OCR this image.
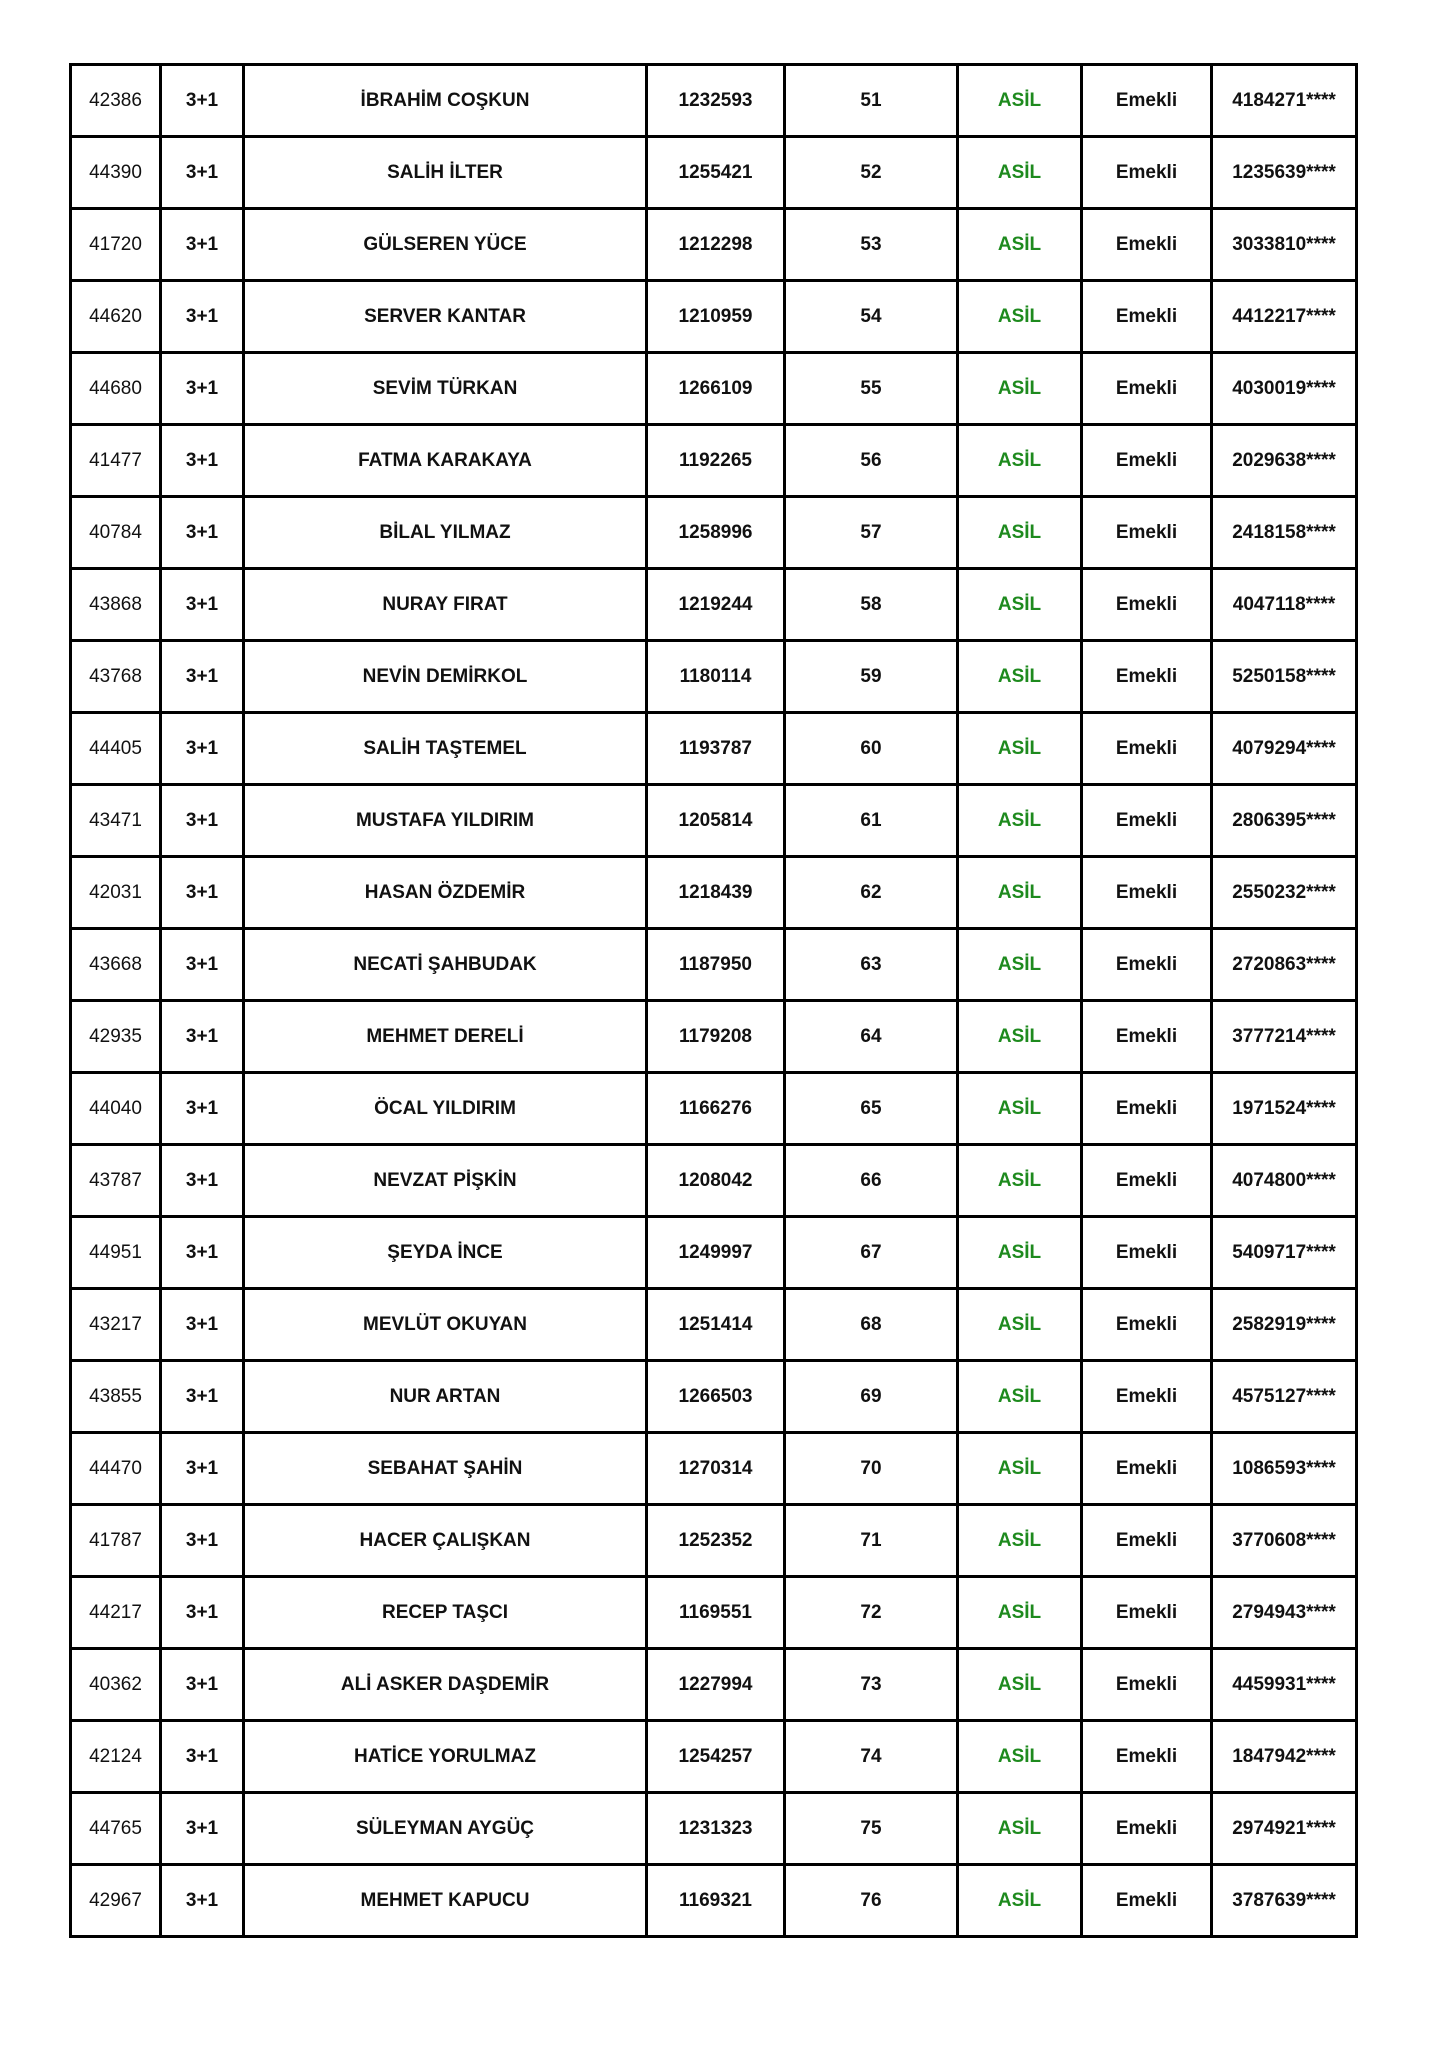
42386	3+1	İBRAHİM COŞKUN	1232593	51	ASİL	Emekli	4184271****
44390	3+1	SALİH İLTER	1255421	52	ASİL	Emekli	1235639****
41720	3+1	GÜLSEREN YÜCE	1212298	53	ASİL	Emekli	3033810****
44620	3+1	SERVER KANTAR	1210959	54	ASİL	Emekli	4412217****
44680	3+1	SEVİM TÜRKAN	1266109	55	ASİL	Emekli	4030019****
41477	3+1	FATMA KARAKAYA	1192265	56	ASİL	Emekli	2029638****
40784	3+1	BİLAL YILMAZ	1258996	57	ASİL	Emekli	2418158****
43868	3+1	NURAY FIRAT	1219244	58	ASİL	Emekli	4047118****
43768	3+1	NEVİN DEMİRKOL	1180114	59	ASİL	Emekli	5250158****
44405	3+1	SALİH TAŞTEMEL	1193787	60	ASİL	Emekli	4079294****
43471	3+1	MUSTAFA YILDIRIM	1205814	61	ASİL	Emekli	2806395****
42031	3+1	HASAN ÖZDEMİR	1218439	62	ASİL	Emekli	2550232****
43668	3+1	NECATİ ŞAHBUDAK	1187950	63	ASİL	Emekli	2720863****
42935	3+1	MEHMET DERELİ	1179208	64	ASİL	Emekli	3777214****
44040	3+1	ÖCAL YILDIRIM	1166276	65	ASİL	Emekli	1971524****
43787	3+1	NEVZAT PİŞKİN	1208042	66	ASİL	Emekli	4074800****
44951	3+1	ŞEYDA İNCE	1249997	67	ASİL	Emekli	5409717****
43217	3+1	MEVLÜT OKUYAN	1251414	68	ASİL	Emekli	2582919****
43855	3+1	NUR ARTAN	1266503	69	ASİL	Emekli	4575127****
44470	3+1	SEBAHAT ŞAHİN	1270314	70	ASİL	Emekli	1086593****
41787	3+1	HACER ÇALIŞKAN	1252352	71	ASİL	Emekli	3770608****
44217	3+1	RECEP TAŞCI	1169551	72	ASİL	Emekli	2794943****
40362	3+1	ALİ ASKER DAŞDEMİR	1227994	73	ASİL	Emekli	4459931****
42124	3+1	HATİCE YORULMAZ	1254257	74	ASİL	Emekli	1847942****
44765	3+1	SÜLEYMAN AYGÜÇ	1231323	75	ASİL	Emekli	2974921****
42967	3+1	MEHMET KAPUCU	1169321	76	ASİL	Emekli	3787639****
